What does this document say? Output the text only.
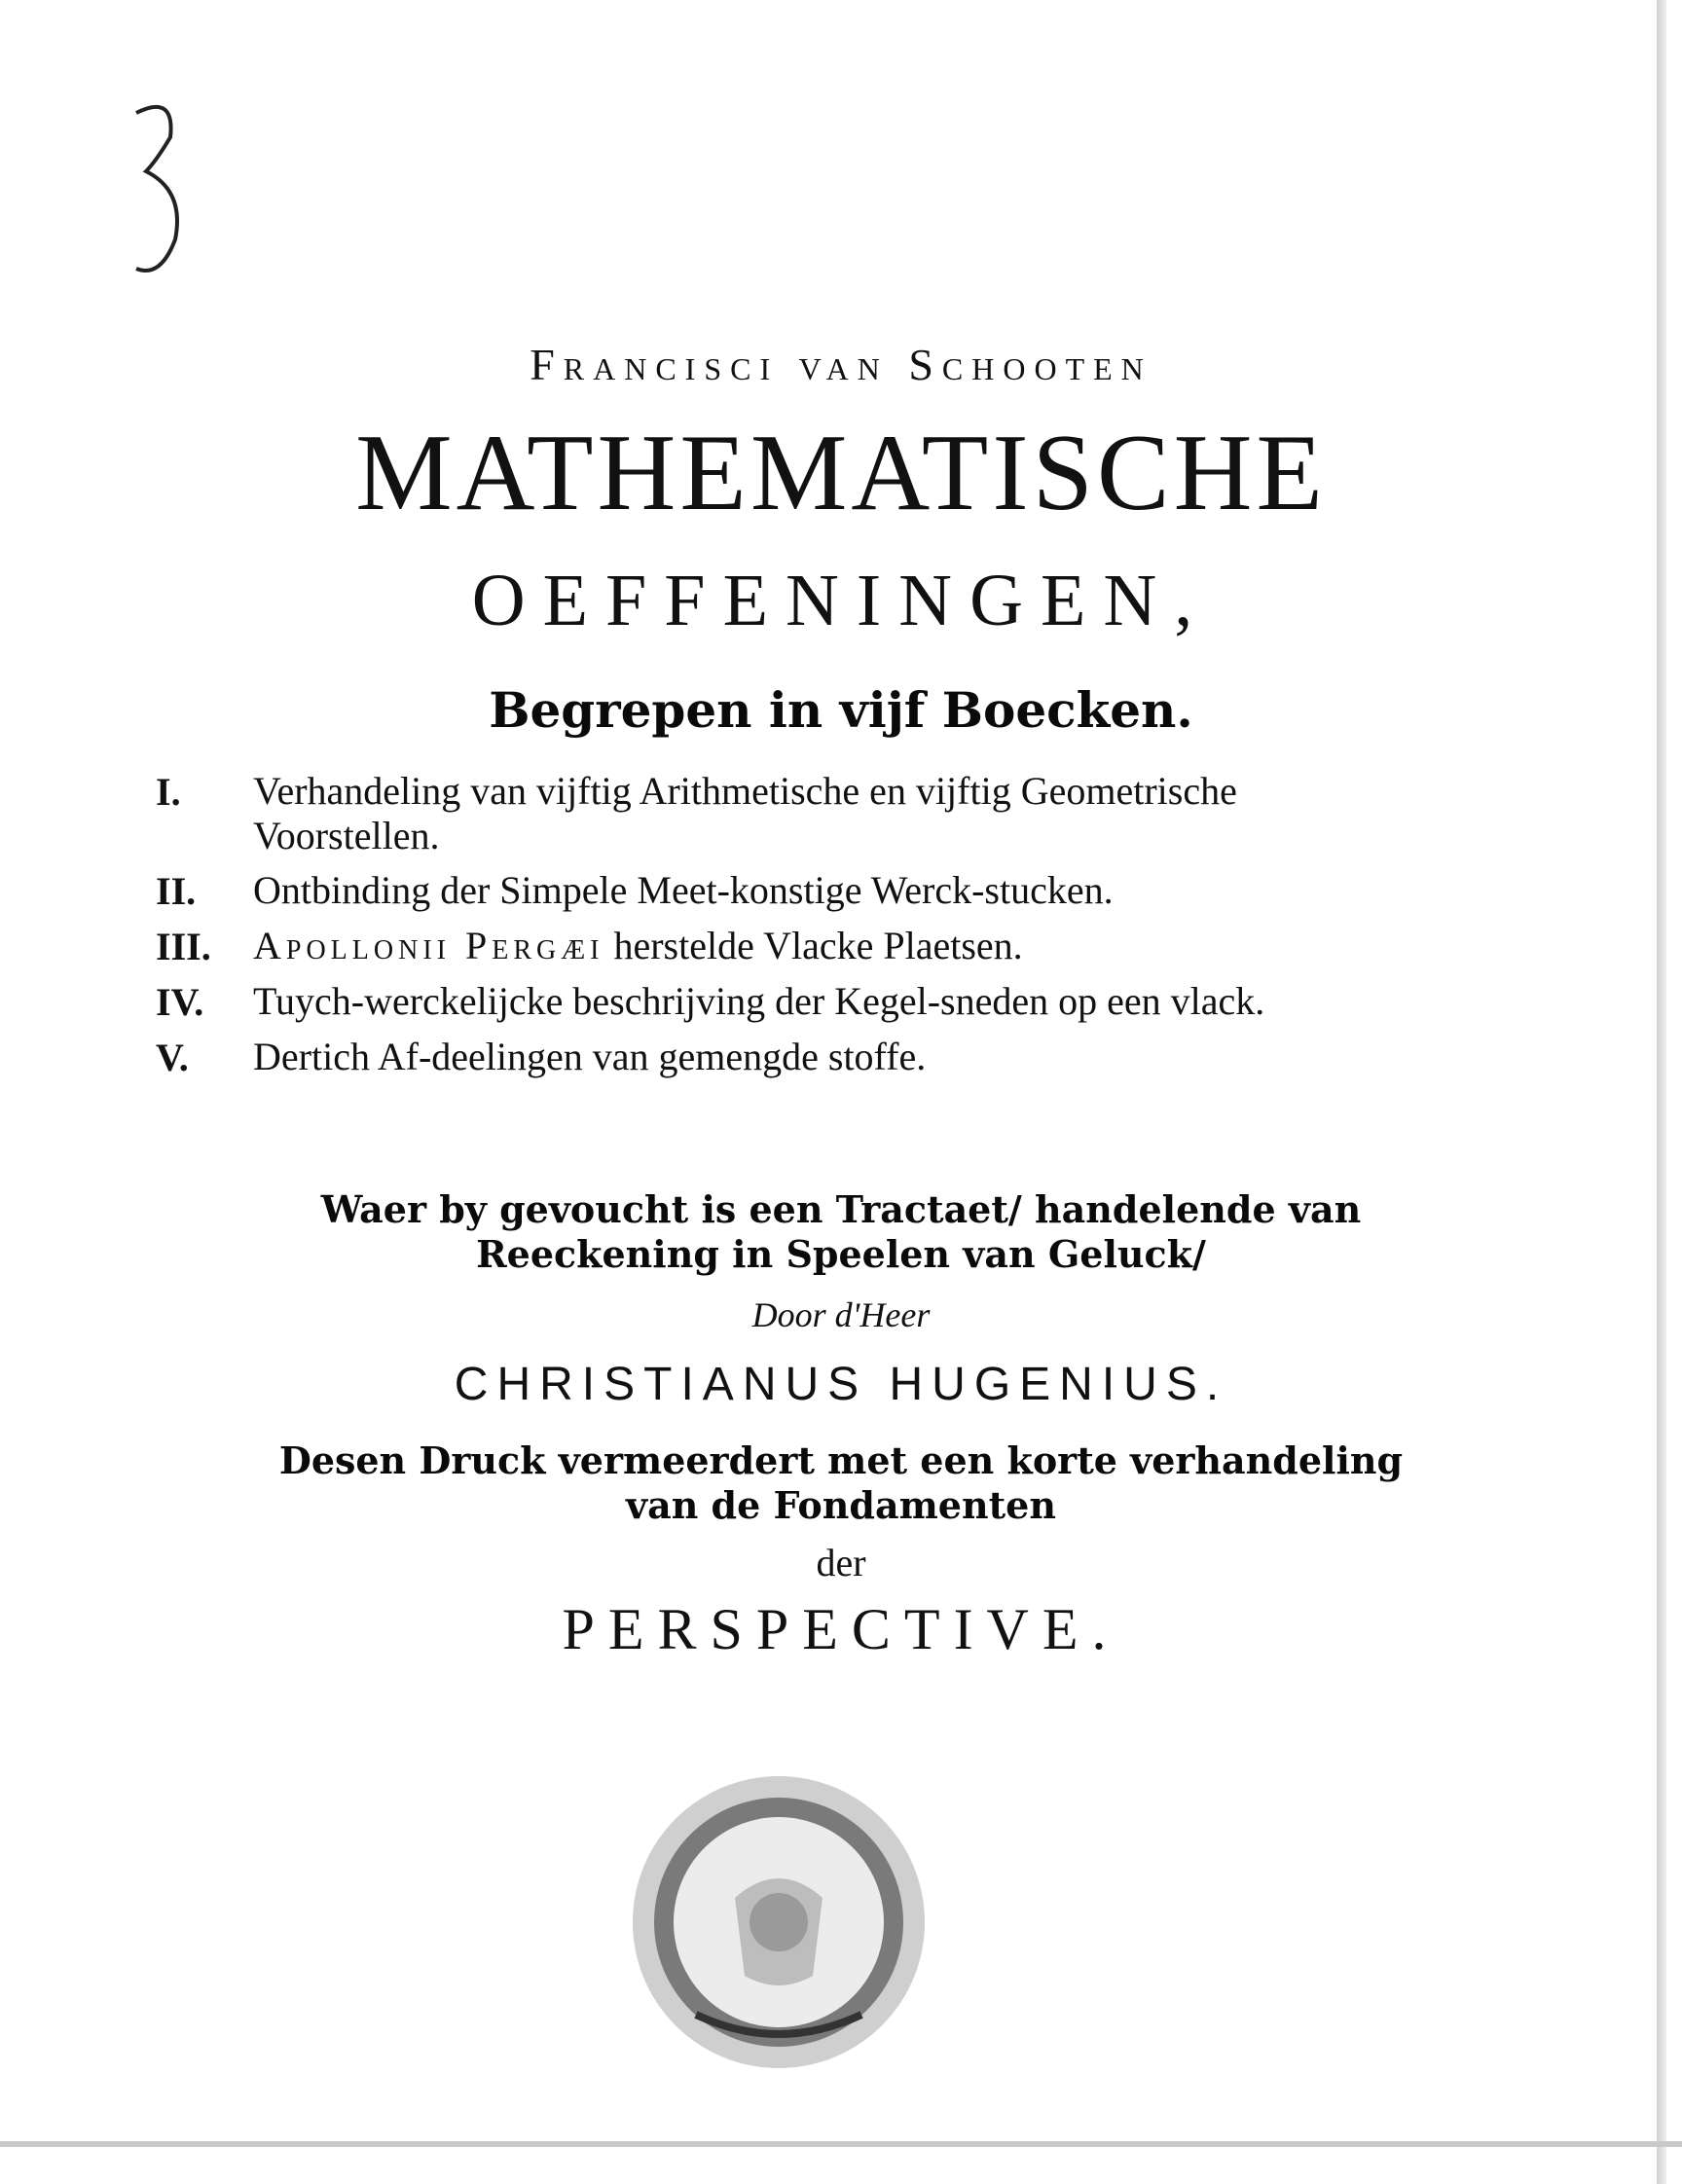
Francisci van Schooten
MATHEMATISCHE
OEFFENINGEN,
Begrepen in vijf Boecken.
I.	Verhandeling van vijftig Arithmetische en vijftig Geometrische Voorstellen.
II.	Ontbinding der Simpele Meet-konstige Werck-stucken.
III.	Apollonii Pergæi herstelde Vlacke Plaetsen.
IV.	Tuych-werckelijcke beschrijving der Kegel-sneden op een vlack.
V.	Dertich Af-deelingen van gemengde stoffe.
Waer by gevoucht is een Tractaet/ handelende van Reeckening in Speelen van Geluck/
Door d'Heer
CHRISTIANUS HUGENIUS.
Desen Druck vermeerdert met een korte verhandeling van de Fondamenten
der
PERSPECTIVE.
